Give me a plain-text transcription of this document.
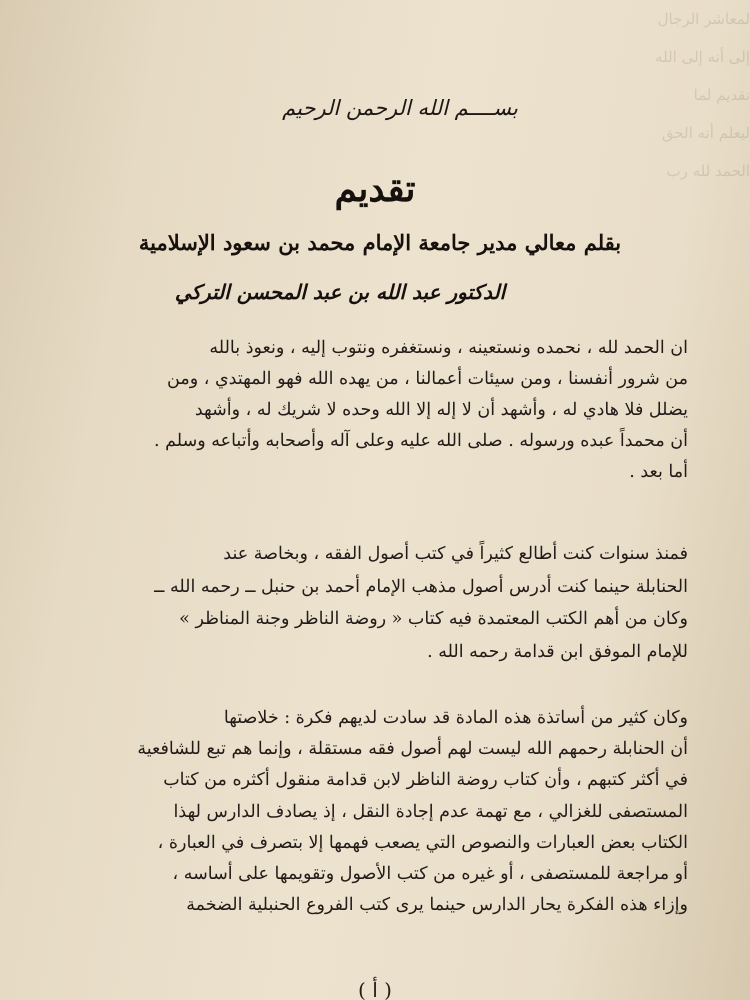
لمعاشر الرجال
إلى أنه إلى الله
تقديم لما
ليعلم أنه الحق
الحمد لله رب
بســــم الله الرحمن الرحيم
تقديم
بقلم معالي مدير جامعة الإمام محمد بن سعود الإسلامية
الدكتور عبد الله بن عبد المحسن التركي
ان الحمد لله ، نحمده ونستعينه ، ونستغفره ونتوب إليه ، ونعوذ بالله
من شرور أنفسنا ، ومن سيئات أعمالنا ، من يهده الله فهو المهتدي ، ومن
يضلل فلا هادي له ، وأشهد أن لا إله إلا الله وحده لا شريك له ، وأشهد
أن محمداً عبده ورسوله . صلى الله عليه وعلى آله وأصحابه وأتباعه وسلم .
أما بعد .
فمنذ سنوات كنت أطالع كثيراً في كتب أصول الفقه ، وبخاصة عند
الحنابلة حينما كنت أدرس أصول مذهب الإمام أحمد بن حنبل ــ رحمه الله ــ
وكان من أهم الكتب المعتمدة فيه كتاب « روضة الناظر وجنة المناظر »
للإمام الموفق ابن قدامة رحمه الله .
وكان كثير من أساتذة هذه المادة قد سادت لديهم فكرة : خلاصتها
أن الحنابلة رحمهم الله ليست لهم أصول فقه مستقلة ، وإنما هم تبع للشافعية
في أكثر كتبهم ، وأن كتاب روضة الناظر لابن قدامة منقول أكثره من كتاب
المستصفى للغزالي ، مع تهمة عدم إجادة النقل ، إذ يصادف الدارس لهذا
الكتاب بعض العبارات والنصوص التي يصعب فهمها إلا بتصرف في العبارة ،
أو مراجعة للمستصفى ، أو غيره من كتب الأصول وتقويمها على أساسه ،
وإزاء هذه الفكرة يحار الدارس حينما يرى كتب الفروع الحنبلية الضخمة
( أ )
